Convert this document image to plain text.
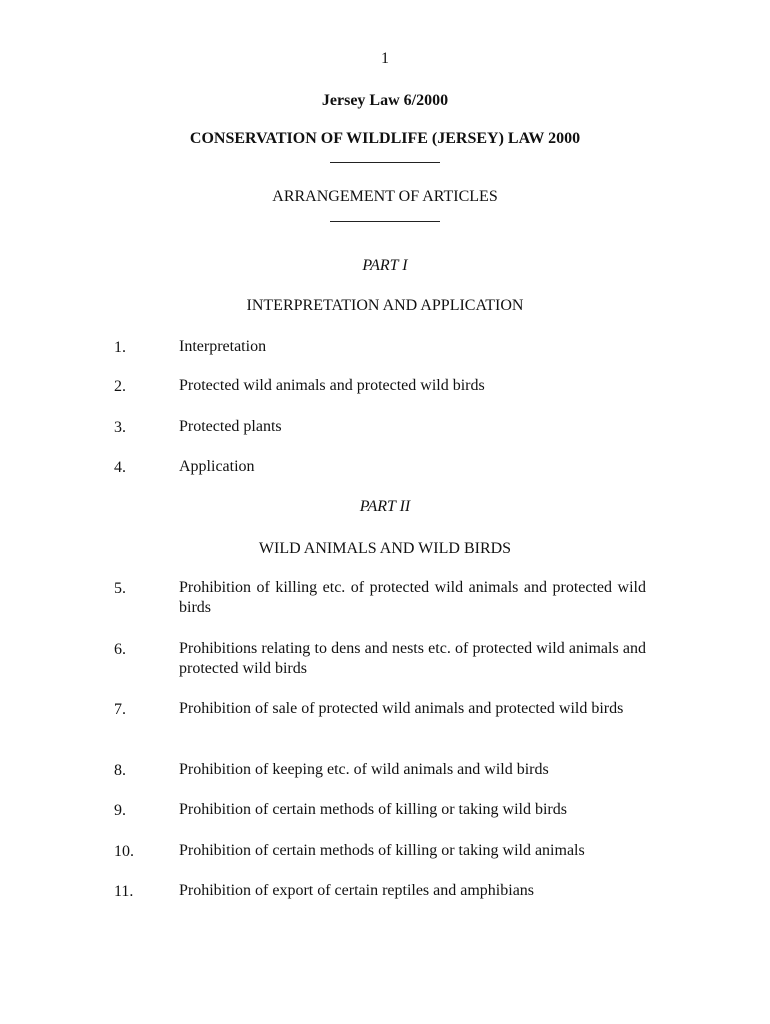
1
Jersey Law 6/2000
CONSERVATION OF WILDLIFE (JERSEY) LAW 2000
ARRANGEMENT OF ARTICLES
PART I
INTERPRETATION AND APPLICATION
1.	Interpretation
2.	Protected wild animals and protected wild birds
3.	Protected plants
4.	Application
PART II
WILD ANIMALS AND WILD BIRDS
5.	Prohibition of killing etc. of protected wild animals and protected wild birds
6.	Prohibitions relating to dens and nests etc. of protected wild animals and protected wild birds
7.	Prohibition of sale of protected wild animals and protected wild birds
8.	Prohibition of keeping etc. of wild animals and wild birds
9.	Prohibition of certain methods of killing or taking wild birds
10.	Prohibition of certain methods of killing or taking wild animals
11.	Prohibition of export of certain reptiles and amphibians
